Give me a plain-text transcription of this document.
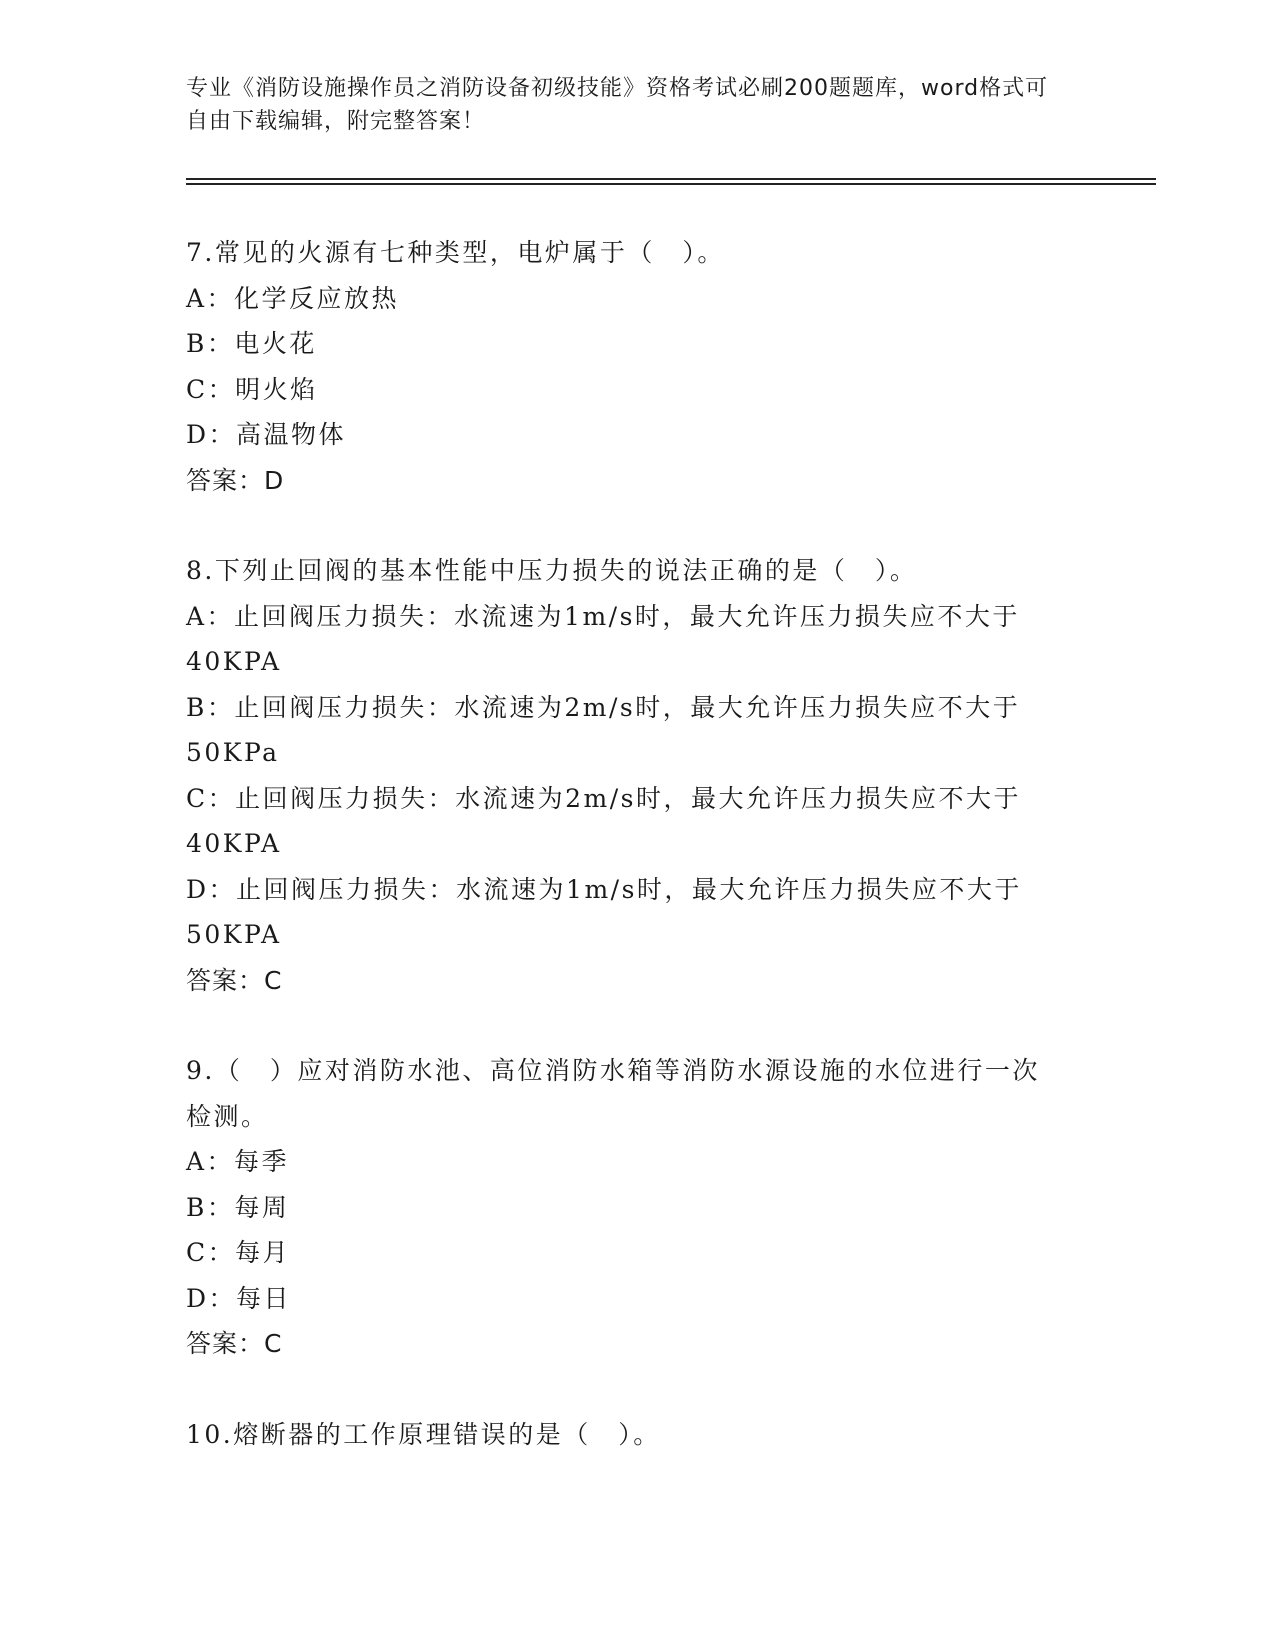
专业《消防设施操作员之消防设备初级技能》资格考试必刷200题题库，word格式可自由下载编辑，附完整答案！
7.常见的火源有七种类型，电炉属于（　）。
A：化学反应放热
B：电火花
C：明火焰
D：高温物体
答案：D
8.下列止回阀的基本性能中压力损失的说法正确的是（　）。
A：止回阀压力损失：水流速为1m/s时，最大允许压力损失应不大于40KPA
B：止回阀压力损失：水流速为2m/s时，最大允许压力损失应不大于50KPa
C：止回阀压力损失：水流速为2m/s时，最大允许压力损失应不大于40KPA
D：止回阀压力损失：水流速为1m/s时，最大允许压力损失应不大于50KPA
答案：C
9.（　）应对消防水池、高位消防水箱等消防水源设施的水位进行一次检测。
A：每季
B：每周
C：每月
D：每日
答案：C
10.熔断器的工作原理错误的是（　）。
